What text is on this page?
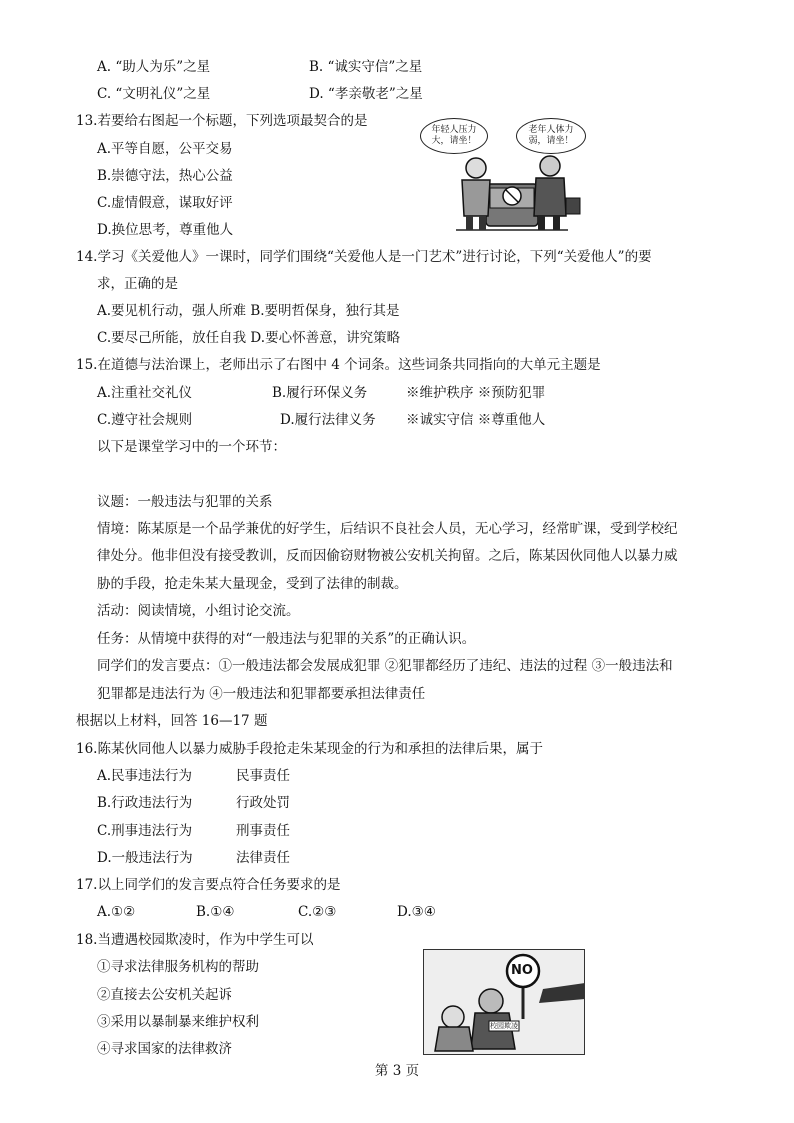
A. “助人为乐”之星	B. “诚实守信”之星
C. “文明礼仪”之星	D. “孝亲敬老”之星
13.若要给右图起一个标题，下列选项最契合的是
A.平等自愿，公平交易
B.崇德守法，热心公益
C.虚情假意，谋取好评
D.换位思考，尊重他人
年轻人压力大，请坐！
老年人体力弱，请坐！
14.学习《关爱他人》一课时，同学们围绕“关爱他人是一门艺术”进行讨论，下列“关爱他人”的要
求，正确的是
A.要见机行动，强人所难 B.要明哲保身，独行其是
C.要尽己所能，放任自我 D.要心怀善意，讲究策略
15.在道德与法治课上，老师出示了右图中 4 个词条。这些词条共同指向的大单元主题是
A.注重社交礼仪	B.履行环保义务	※维护秩序 ※预防犯罪
C.遵守社会规则	D.履行法律义务 ※诚实守信 ※尊重他人
以下是课堂学习中的一个环节：
议题：一般违法与犯罪的关系
情境：陈某原是一个品学兼优的好学生，后结识不良社会人员，无心学习，经常旷课，受到学校纪
律处分。他非但没有接受教训，反而因偷窃财物被公安机关拘留。之后，陈某因伙同他人以暴力威
胁的手段，抢走朱某大量现金，受到了法律的制裁。
活动：阅读情境，小组讨论交流。
任务：从情境中获得的对“一般违法与犯罪的关系”的正确认识。
同学们的发言要点：①一般违法都会发展成犯罪 ②犯罪都经历了违纪、违法的过程 ③一般违法和
犯罪都是违法行为 ④一般违法和犯罪都要承担法律责任
根据以上材料，回答 16—17 题
16.陈某伙同他人以暴力威胁手段抢走朱某现金的行为和承担的法律后果，属于
A.民事违法行为	民事责任
B.行政违法行为	行政处罚
C.刑事违法行为	刑事责任
D.一般违法行为	法律责任
17.以上同学们的发言要点符合任务要求的是
A.①②	B.①④	C.②③	D.③④
18.当遭遇校园欺凌时，作为中学生可以
①寻求法律服务机构的帮助
②直接去公安机关起诉
③采用以暴制暴来维护权利
④寻求国家的法律救济
NO
校园欺凌
第 3 页
